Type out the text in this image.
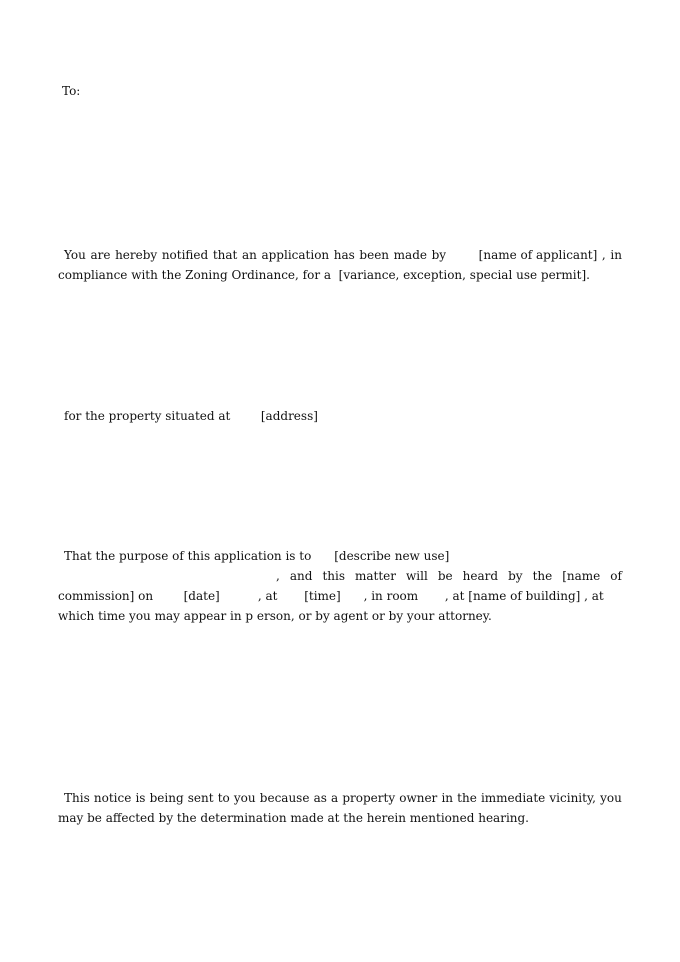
To:
You are hereby notified that an application has been made by	[name of applicant] , in
compliance with the Zoning Ordinance, for a  [variance, exception, special use permit].
for the property situated at        [address]
That the purpose of this application is to      [describe new use]
, and this matter will be heard by the [name of
commission] on        [date]          , at       [time]      , in room       , at [name of building] , at
which time you may appear in p erson, or by agent or by your attorney.
This notice is being sent to you because as a property owner in the immediate vicinity, you
may be affected by the determination made at the herein mentioned hearing.
